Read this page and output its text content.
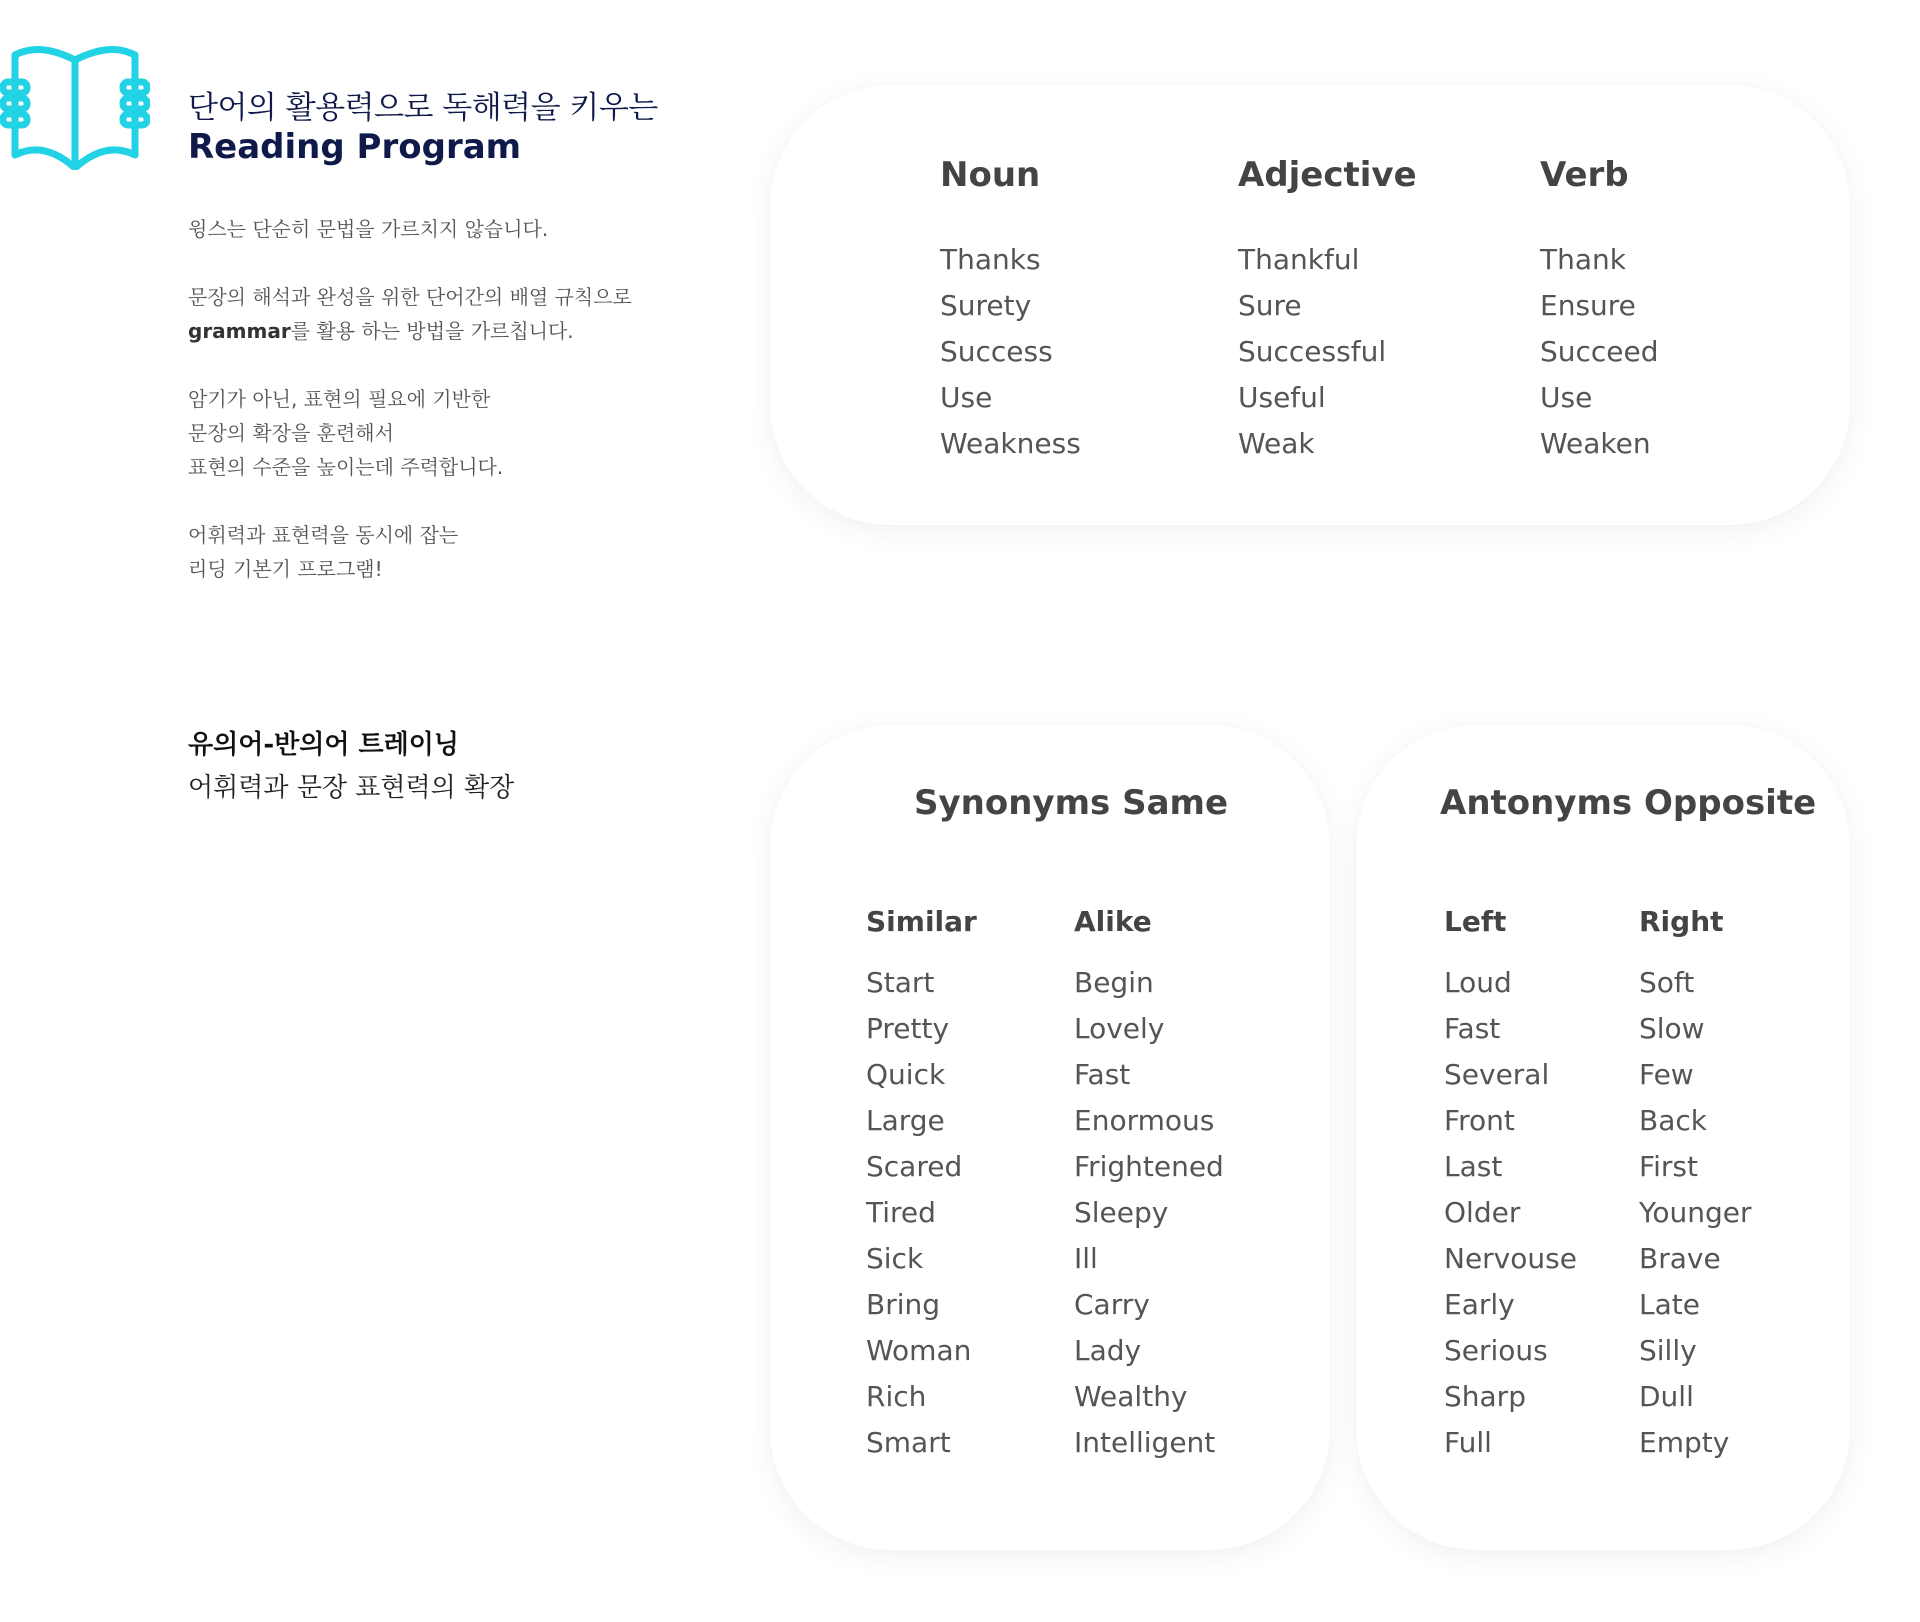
단어의 활용력으로 독해력을 키우는
Reading Program

윙스는 단순히 문법을 가르치지 않습니다.

문장의 해석과 완성을 위한 단어간의 배열 규칙으로
grammar를 활용 하는 방법을 가르칩니다.

암기가 아닌, 표현의 필요에 기반한
문장의 확장을 훈련해서
표현의 수준을 높이는데 주력합니다.

어휘력과 표현력을 동시에 잡는
리딩 기본기 프로그램!

유의어-반의어 트레이닝
어휘력과 문장 표현력의 확장
Noun
Thanks
Surety
Success
Use
Weakness
Adjective
Thankful
Sure
Successful
Useful
Weak
Verb
Thank
Ensure
Succeed
Use
Weaken
Synonyms Same
Similar
Start
Pretty
Quick
Large
Scared
Tired
Sick
Bring
Woman
Rich
Smart
Alike
Begin
Lovely
Fast
Enormous
Frightened
Sleepy
Ill
Carry
Lady
Wealthy
Intelligent
Antonyms Opposite
Left
Loud
Fast
Several
Front
Last
Older
Nervouse
Early
Serious
Sharp
Full
Right
Soft
Slow
Few
Back
First
Younger
Brave
Late
Silly
Dull
Empty
